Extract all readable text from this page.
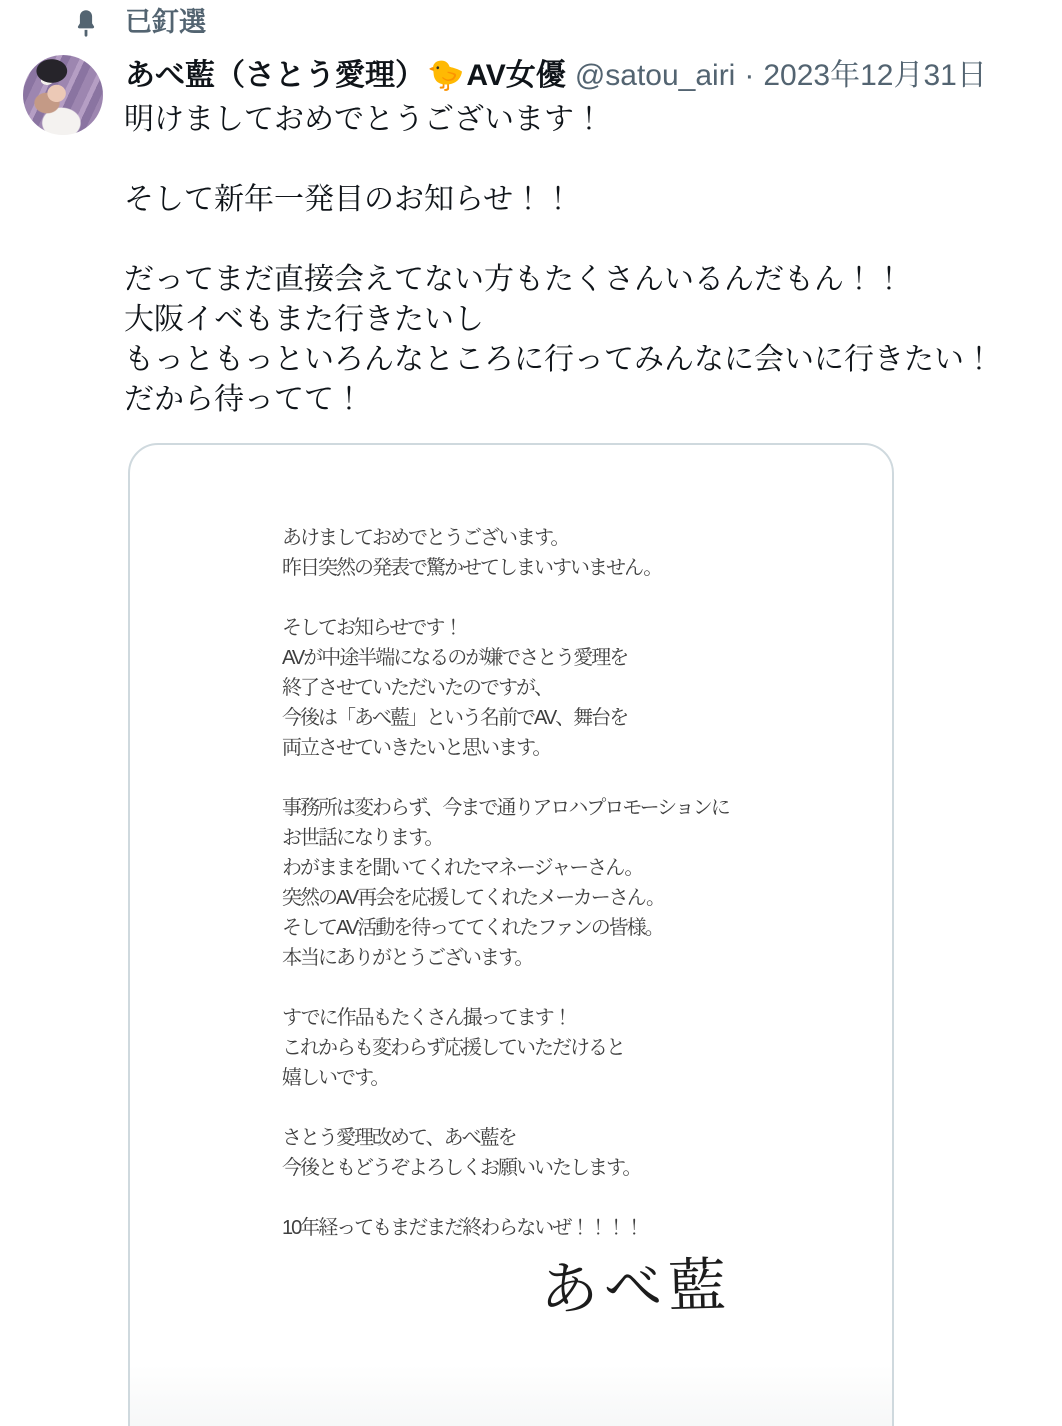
已釘選
あべ藍（さとう愛理）🐤AV女優 @satou_airi · 2023年12月31日
明けましておめでとうございます！

そして新年一発目のお知らせ！！

だってまだ直接会えてない方もたくさんいるんだもん！！
大阪イベもまた行きたいし
もっともっといろんなところに行ってみんなに会いに行きたい！
だから待ってて！
あけましておめでとうございます。
昨日突然の発表で驚かせてしまいすいません。

そしてお知らせです！
AVが中途半端になるのが嫌でさとう愛理を
終了させていただいたのですが、
今後は「あべ藍」という名前でAV、舞台を
両立させていきたいと思います。

事務所は変わらず、今まで通りアロハプロモーションに
お世話になります。
わがままを聞いてくれたマネージャーさん。
突然のAV再会を応援してくれたメーカーさん。
そしてAV活動を待っててくれたファンの皆様。
本当にありがとうございます。

すでに作品もたくさん撮ってます！
これからも変わらず応援していただけると
嬉しいです。

さとう愛理改めて、あべ藍を
今後ともどうぞよろしくお願いいたします。

10年経ってもまだまだ終わらないぜ！！！！
あべ藍
